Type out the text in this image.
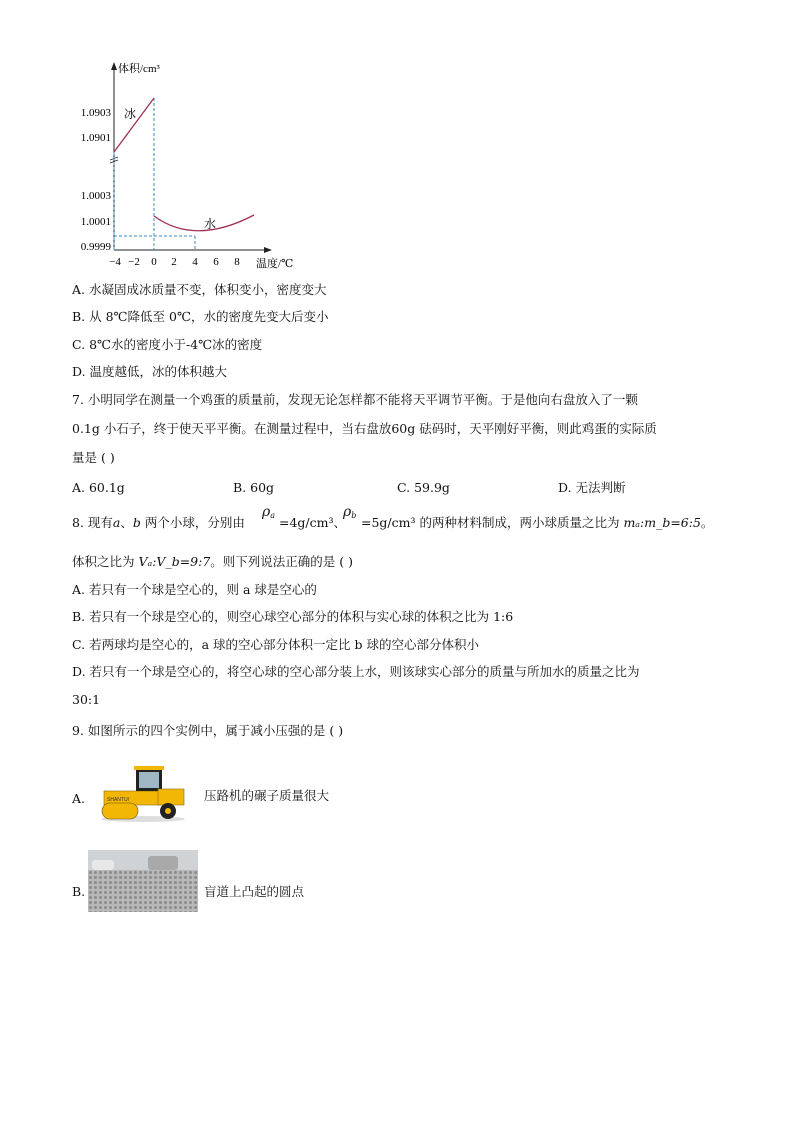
体积/cm³
温度/℃
1.0903
1.0901
1.0003
1.0001
0.9999
−4 −2 0 2 4 6 8
冰
水
A. 水凝固成冰质量不变，体积变小，密度变大
B. 从 8℃降低至 0℃，水的密度先变大后变小
C. 8℃水的密度小于-4℃冰的密度
D. 温度越低，冰的体积越大
7. 小明同学在测量一个鸡蛋的质量前，发现无论怎样都不能将天平调节平衡。于是他向右盘放入了一颗
0.1g 小石子，终于使天平平衡。在测量过程中，当右盘放60g 砝码时，天平刚好平衡，则此鸡蛋的实际质
量是 ( )
A. 60.1g	B. 60g	C. 59.9g	D. 无法判断
8. 现有a、b 两个小球，分别由
$\rho_a =4g/cm^3$、
$\rho_b =5g/cm^3$ 的两种材料制成，两小球质量之比为 mₐ:m_b=6:5。
体积之比为 Vₐ:V_b=9:7。则下列说法正确的是 ( )
A. 若只有一个球是空心的，则 a 球是空心的
B. 若只有一个球是空心的，则空心球空心部分的体积与实心球的体积之比为 1:6
C. 若两球均是空心的，a 球的空心部分体积一定比 b 球的空心部分体积小
D. 若只有一个球是空心的，将空心球的空心部分装上水，则该球实心部分的质量与所加水的质量之比为
30:1
9. 如图所示的四个实例中，属于减小压强的是 ( )
A.	SHANTUI	压路机的碾子质量很大
B.	盲道上凸起的圆点
